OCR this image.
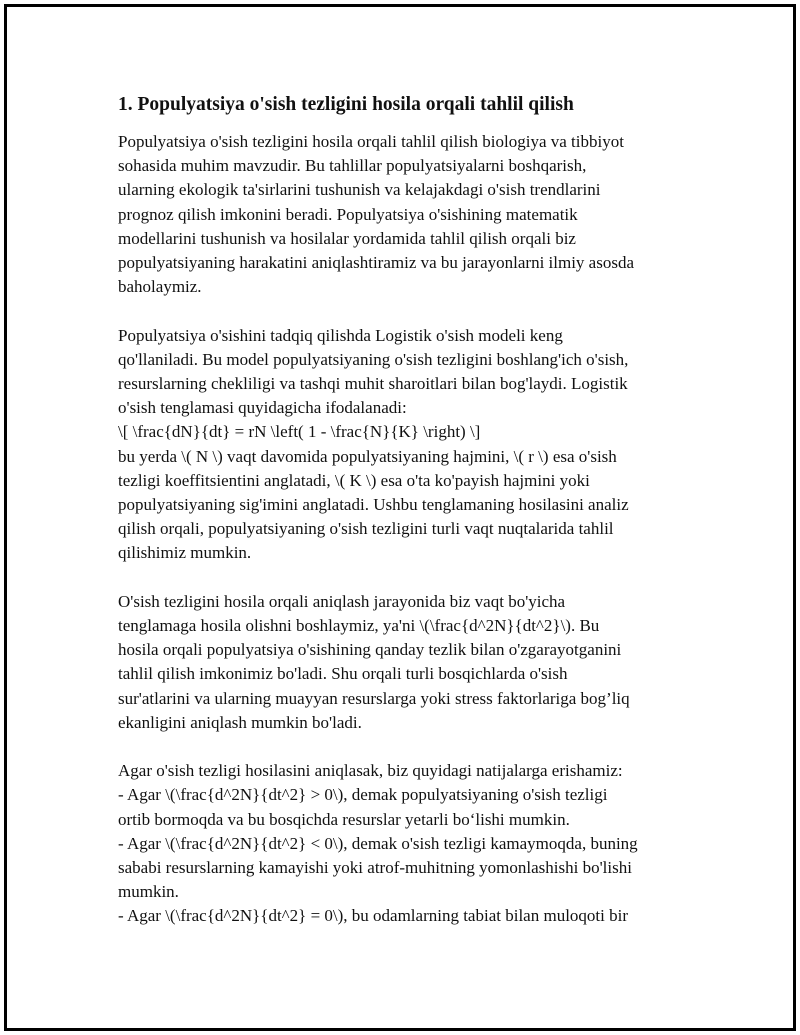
1. Populyatsiya o'sish tezligini hosila orqali tahlil qilish
Populyatsiya o'sish tezligini hosila orqali tahlil qilish biologiya va tibbiyot
sohasida muhim mavzudir. Bu tahlillar populyatsiyalarni boshqarish,
ularning ekologik ta'sirlarini tushunish va kelajakdagi o'sish trendlarini
prognoz qilish imkonini beradi. Populyatsiya o'sishining matematik
modellarini tushunish va hosilalar yordamida tahlil qilish orqali biz
populyatsiyaning harakatini aniqlashtiramiz va bu jarayonlarni ilmiy asosda
baholaymiz.
Populyatsiya o'sishini tadqiq qilishda Logistik o'sish modeli keng
qo'llaniladi. Bu model populyatsiyaning o'sish tezligini boshlang'ich o'sish,
resurslarning chekliligi va tashqi muhit sharoitlari bilan bog'laydi. Logistik
o'sish tenglamasi quyidagicha ifodalanadi:
\[ \frac{dN}{dt} = rN \left( 1 - \frac{N}{K} \right) \]
bu yerda \( N \) vaqt davomida populyatsiyaning hajmini, \( r \) esa o'sish
tezligi koeffitsientini anglatadi, \( K \) esa o'ta ko'payish hajmini yoki
populyatsiyaning sig'imini anglatadi. Ushbu tenglamaning hosilasini analiz
qilish orqali, populyatsiyaning o'sish tezligini turli vaqt nuqtalarida tahlil
qilishimiz mumkin.
O'sish tezligini hosila orqali aniqlash jarayonida biz vaqt bo'yicha
tenglamaga hosila olishni boshlaymiz, ya'ni \(\frac{d^2N}{dt^2}\). Bu
hosila orqali populyatsiya o'sishining qanday tezlik bilan o'zgarayotganini
tahlil qilish imkonimiz bo'ladi. Shu orqali turli bosqichlarda o'sish
sur'atlarini va ularning muayyan resurslarga yoki stress faktorlariga bog’liq
ekanligini aniqlash mumkin bo'ladi.
Agar o'sish tezligi hosilasini aniqlasak, biz quyidagi natijalarga erishamiz:
- Agar \(\frac{d^2N}{dt^2} > 0\), demak populyatsiyaning o'sish tezligi
ortib bormoqda va bu bosqichda resurslar yetarli bo‘lishi mumkin.
- Agar \(\frac{d^2N}{dt^2} < 0\), demak o'sish tezligi kamaymoqda, buning
sababi resurslarning kamayishi yoki atrof-muhitning yomonlashishi bo'lishi
mumkin.
- Agar \(\frac{d^2N}{dt^2} = 0\), bu odamlarning tabiat bilan muloqoti bir
